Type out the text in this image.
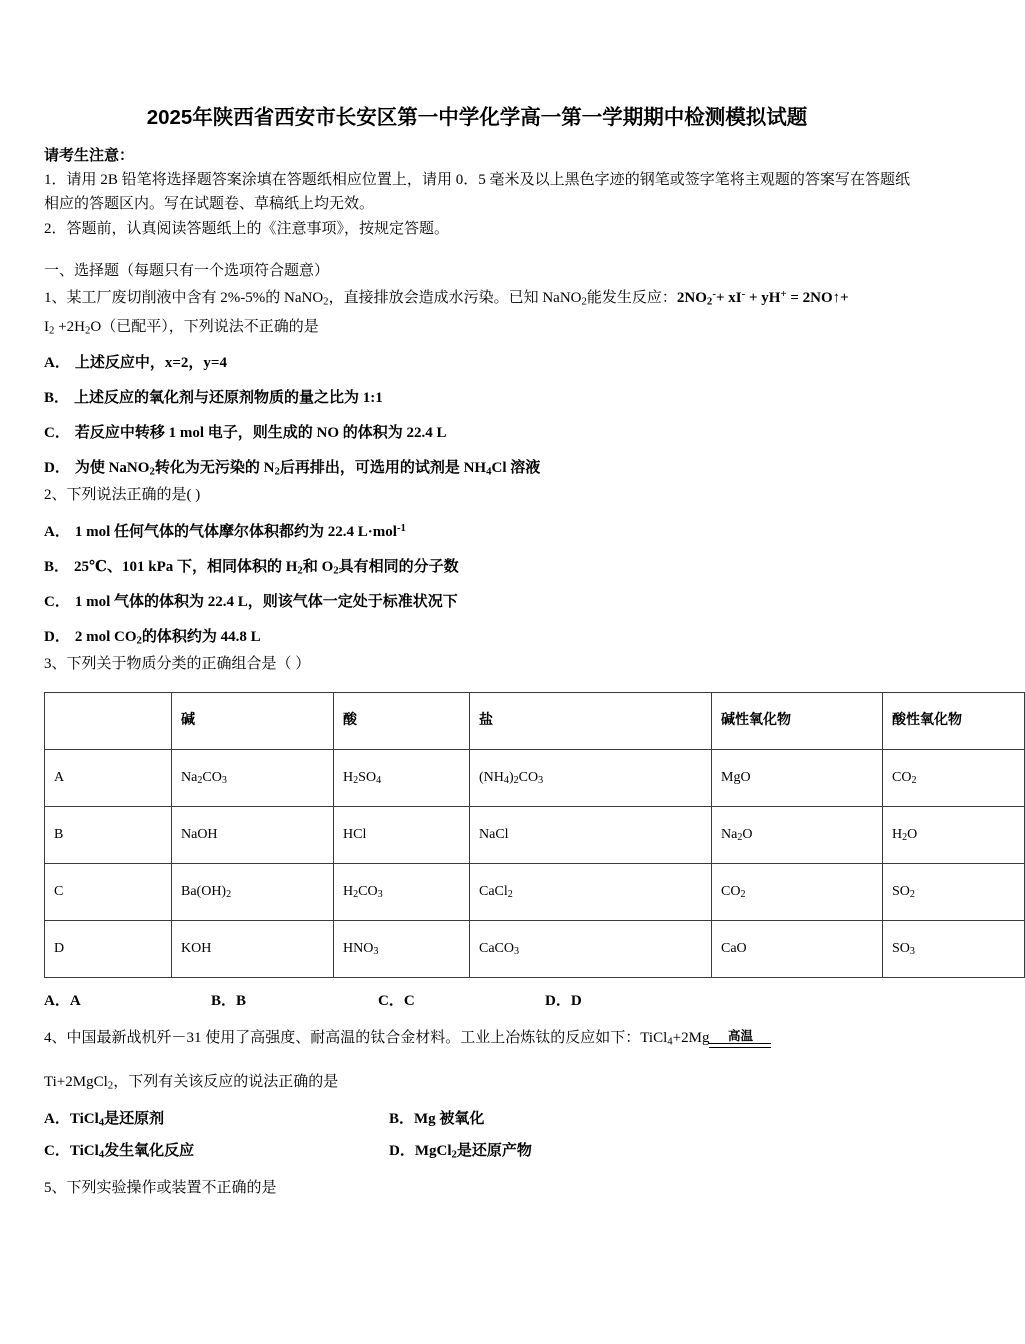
2025年陕西省西安市长安区第一中学化学高一第一学期期中检测模拟试题

请考生注意：

1．请用 2B 铅笔将选择题答案涂填在答题纸相应位置上，请用 0．5 毫米及以上黑色字迹的钢笔或签字笔将主观题的答案写在答题纸相应的答题区内。写在试题卷、草稿纸上均无效。

2．答题前，认真阅读答题纸上的《注意事项》，按规定答题。

一、选择题（每题只有一个选项符合题意）

1、某工厂废切削液中含有 2%-5%的 NaNO$_2$，直接排放会造成水污染。已知 NaNO$_2$能发生反应：$2NO_2^-+ xI^- + yH^+$ = 2NO↑+

$I_2 +2H_2O$（已配平），下列说法不正确的是

A． 上述反应中，x=2，y=4

B． 上述反应的氧化剂与还原剂物质的量之比为 1:1

C． 若反应中转移 1 mol 电子，则生成的 NO 的体积为 22.4 L

D． 为使 NaNO$_2$转化为无污染的 $N_2$后再排出，可选用的试剂是 $NH_4Cl$ 溶液

2、下列说法正确的是( )

A． 1 mol 任何气体的气体摩尔体积都约为 22.4 L·mol$^{-1}$

B． 25℃、101 kPa 下，相同体积的 $H_2$和 $O_2$具有相同的分子数

C． 1 mol 气体的体积为 22.4 L，则该气体一定处于标准状况下

D． 2 mol $CO_2$的体积约为 44.8 L

3、下列关于物质分类的正确组合是（ ）

	碱	酸	盐	碱性氧化物	酸性氧化物
A	$Na_2CO_3$	$H_2SO_4$	$(NH_4)_2CO_3$	MgO	$CO_2$
B	NaOH	HCl	NaCl	$Na_2O$	$H_2O$
C	$Ba(OH)_2$	$H_2CO_3$	CaCl$_2$	$CO_2$	$SO_2$
D	KOH	$HNO_3$	CaCO$_3$	CaO	$SO_3$
A．A	B．B	C．C	D．D

4、中国最新战机歼－31 使用了高强度、耐高温的钛合金材料。工业上冶炼钛的反应如下：TiCl$_4$+2Mg	高温

Ti+2MgCl$_2$，下列有关该反应的说法正确的是

A．TiCl$_4$是还原剂	B．Mg 被氧化
C．TiCl$_4$发生氧化反应	D．MgCl$_2$是还原产物

5、下列实验操作或装置不正确的是
